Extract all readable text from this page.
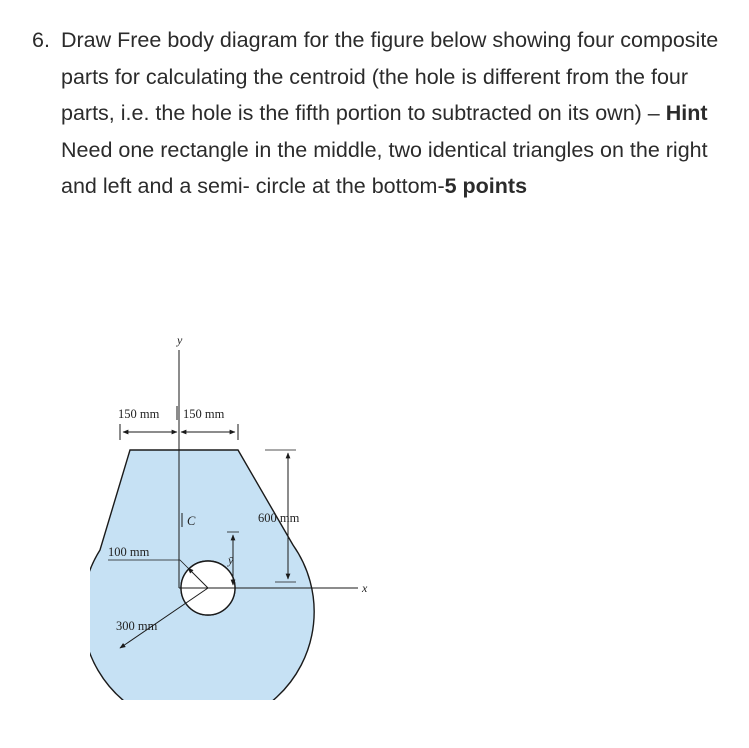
6. Draw Free body diagram for the figure below showing four composite parts for calculating the centroid (the hole is different from the four parts, i.e. the hole is the fifth portion to subtracted on its own) – Hint Need one rectangle in the middle, two identical triangles on the right and left and a semi- circle at the bottom-5 points

y
x
150 mm 150 mm
600 mm
C
ȳ
100 mm
300 mm
